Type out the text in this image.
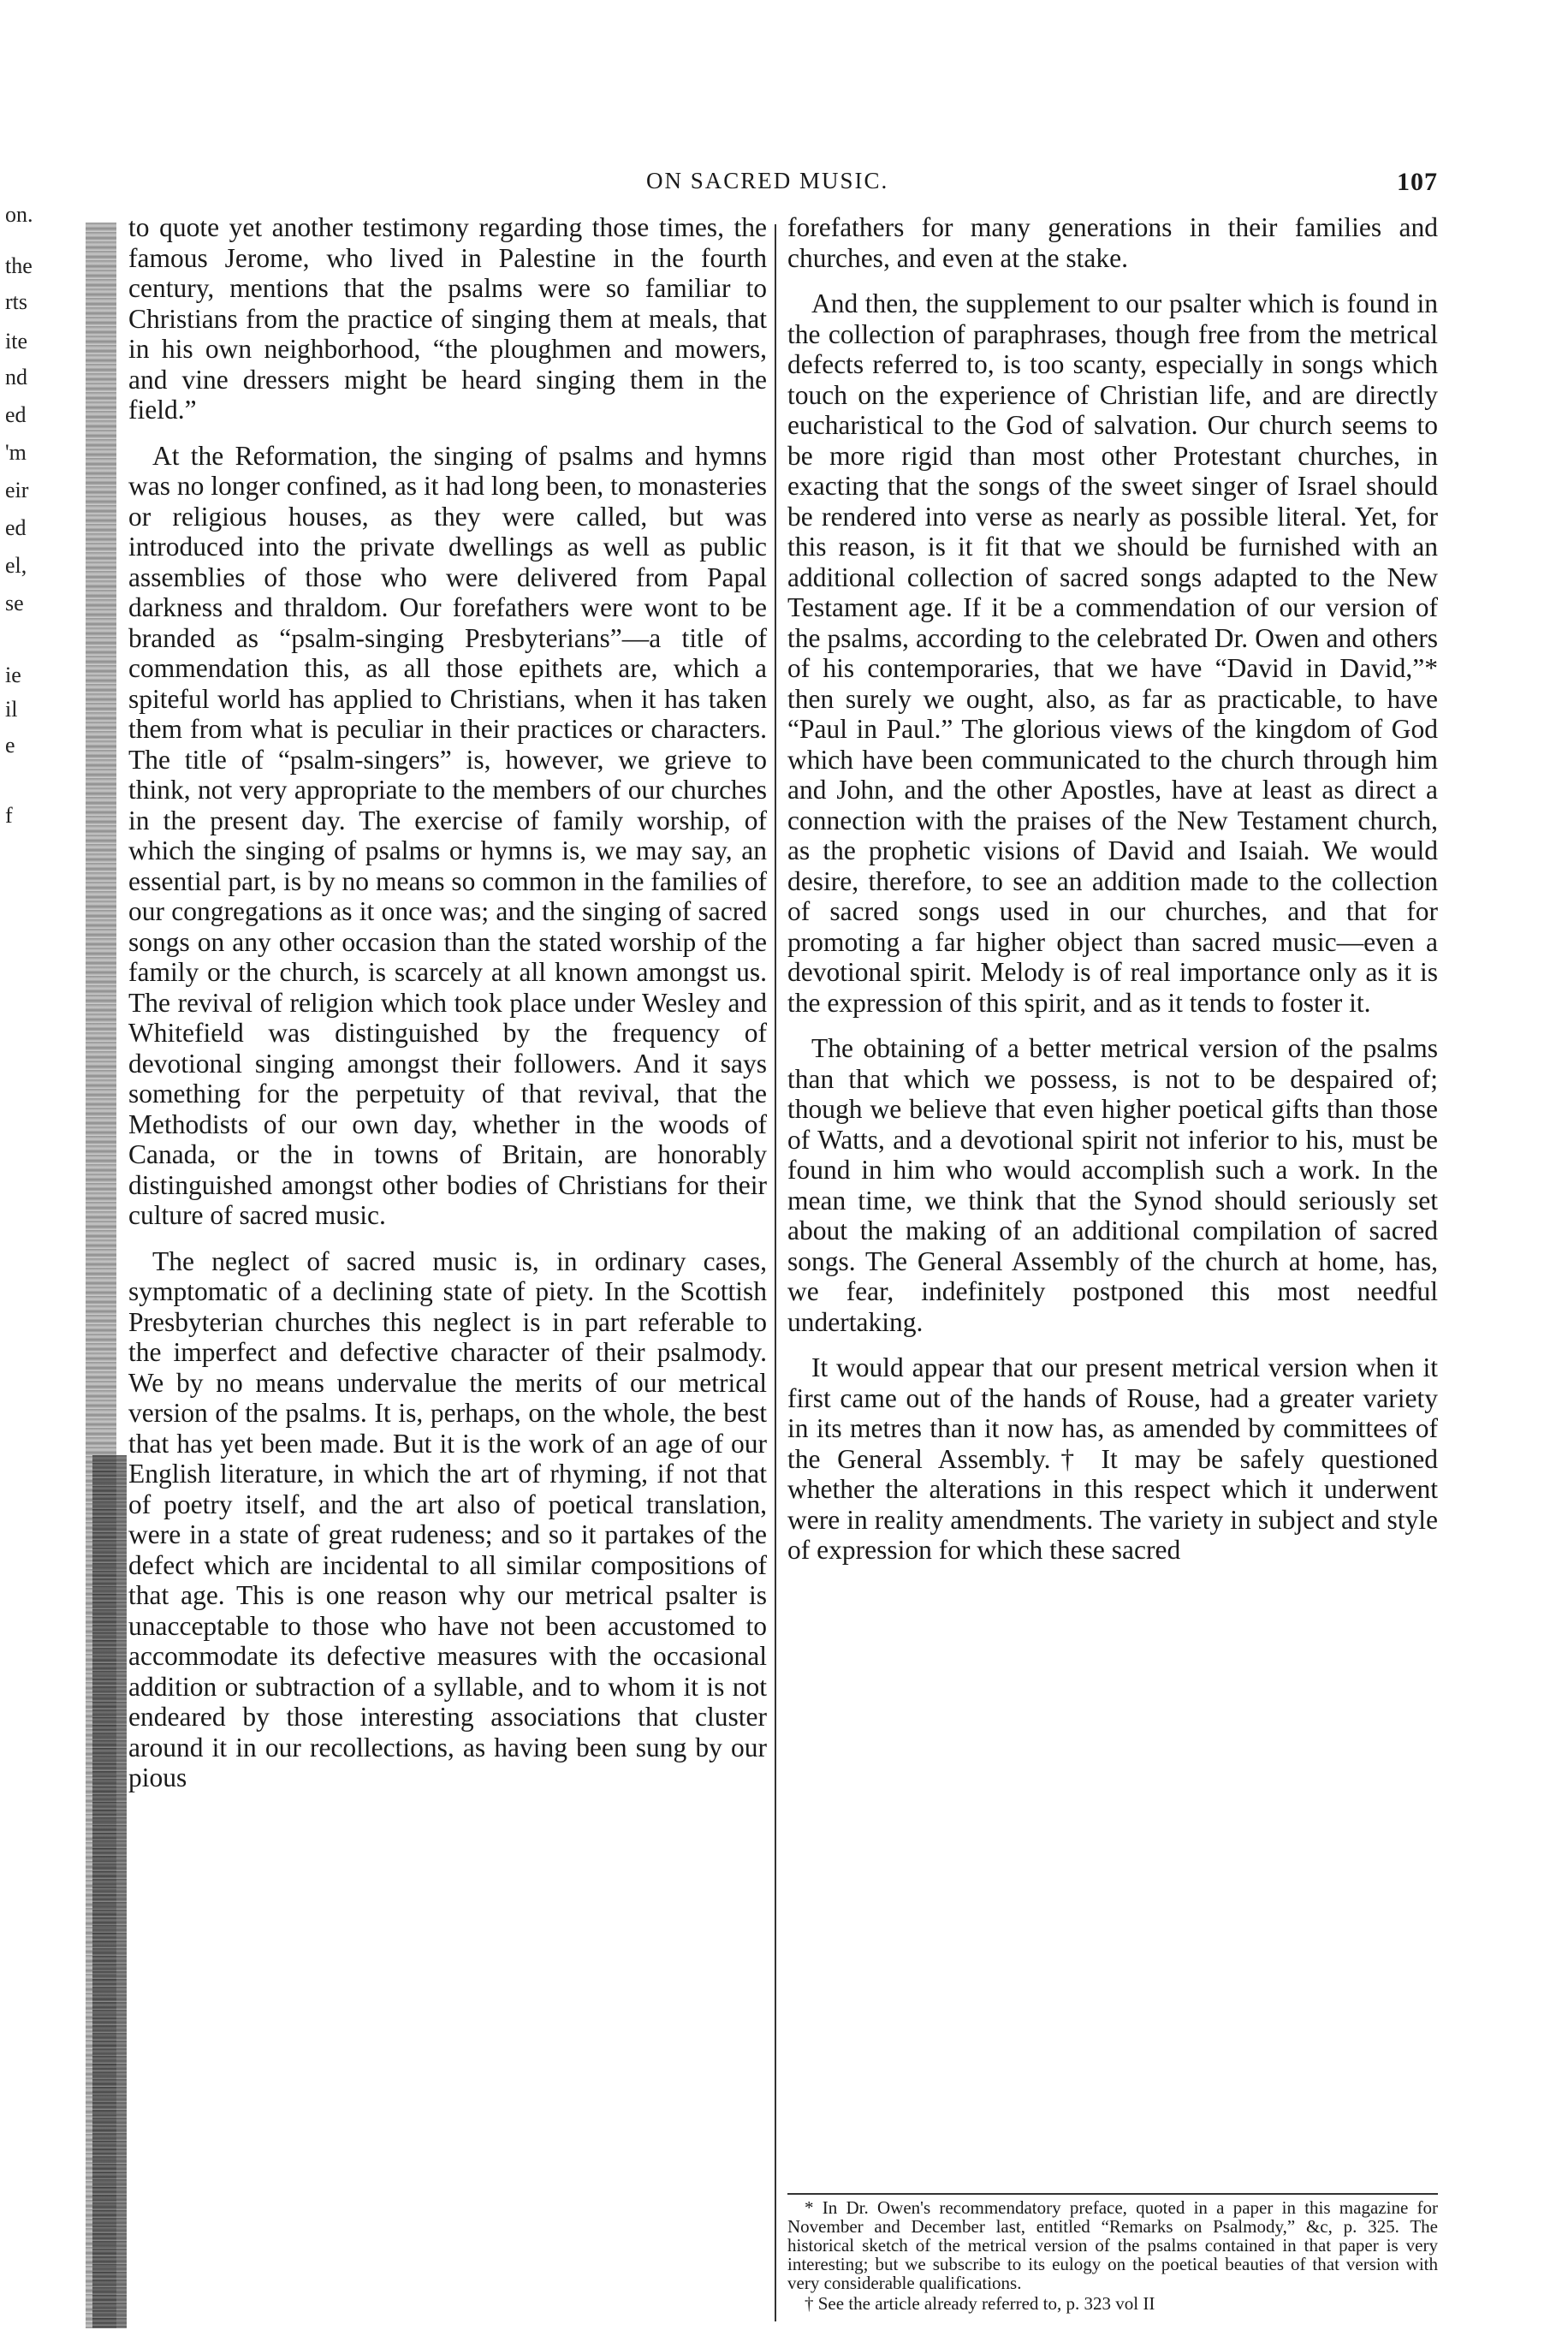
on.
the
rts
ite
nd
ed
'm
eir
ed
el,
se
ie
il
e
f
ON SACRED MUSIC.	107

to quote yet another testimony regarding those times, the famous Jerome, who lived in Palestine in the fourth century, mentions that the psalms were so familiar to Christians from the practice of singing them at meals, that in his own neighborhood, “the ploughmen and mowers, and vine dressers might be heard singing them in the field.”

At the Reformation, the singing of psalms and hymns was no longer confined, as it had long been, to monasteries or religious houses, as they were called, but was introduced into the private dwellings as well as public assemblies of those who were delivered from Papal darkness and thraldom. Our forefathers were wont to be branded as “psalm-singing Presbyterians”—a title of commendation this, as all those epithets are, which a spiteful world has applied to Christians, when it has taken them from what is peculiar in their practices or characters. The title of “psalm-singers” is, however, we grieve to think, not very appropriate to the members of our churches in the present day. The exercise of family worship, of which the singing of psalms or hymns is, we may say, an essential part, is by no means so common in the families of our congregations as it once was; and the singing of sacred songs on any other occasion than the stated worship of the family or the church, is scarcely at all known amongst us. The revival of religion which took place under Wesley and Whitefield was distinguished by the frequency of devotional singing amongst their followers. And it says something for the perpetuity of that revival, that the Methodists of our own day, whether in the woods of Canada, or the in towns of Britain, are honorably distinguished amongst other bodies of Christians for their culture of sacred music.

The neglect of sacred music is, in ordinary cases, symptomatic of a declining state of piety. In the Scottish Presbyterian churches this neglect is in part referable to the imperfect and defective character of their psalmody. We by no means undervalue the merits of our metrical version of the psalms. It is, perhaps, on the whole, the best that has yet been made. But it is the work of an age of our English literature, in which the art of rhyming, if not that of poetry itself, and the art also of poetical translation, were in a state of great rudeness; and so it partakes of the defect which are incidental to all similar compositions of that age. This is one reason why our metrical psalter is unacceptable to those who have not been accustomed to accommodate its defective measures with the occasional addition or subtraction of a syllable, and to whom it is not endeared by those interesting associations that cluster around it in our recollections, as having been sung by our pious

forefathers for many generations in their families and churches, and even at the stake.

And then, the supplement to our psalter which is found in the collection of paraphrases, though free from the metrical defects referred to, is too scanty, especially in songs which touch on the experience of Christian life, and are directly eucharistical to the God of salvation. Our church seems to be more rigid than most other Protestant churches, in exacting that the songs of the sweet singer of Israel should be rendered into verse as nearly as possible literal. Yet, for this reason, is it fit that we should be furnished with an additional collection of sacred songs adapted to the New Testament age. If it be a commendation of our version of the psalms, according to the celebrated Dr. Owen and others of his contemporaries, that we have “David in David,”* then surely we ought, also, as far as practicable, to have “Paul in Paul.” The glorious views of the kingdom of God which have been communicated to the church through him and John, and the other Apostles, have at least as direct a connection with the praises of the New Testament church, as the prophetic visions of David and Isaiah. We would desire, therefore, to see an addition made to the collection of sacred songs used in our churches, and that for promoting a far higher object than sacred music—even a devotional spirit. Melody is of real importance only as it is the expression of this spirit, and as it tends to foster it.

The obtaining of a better metrical version of the psalms than that which we possess, is not to be despaired of; though we believe that even higher poetical gifts than those of Watts, and a devotional spirit not inferior to his, must be found in him who would accomplish such a work. In the mean time, we think that the Synod should seriously set about the making of an additional compilation of sacred songs. The General Assembly of the church at home, has, we fear, indefinitely postponed this most needful undertaking.

It would appear that our present metrical version when it first came out of the hands of Rouse, had a greater variety in its metres than it now has, as amended by committees of the General Assembly.† It may be safely questioned whether the alterations in this respect which it underwent were in reality amendments. The variety in subject and style of expression for which these sacred

* In Dr. Owen's recommendatory preface, quoted in a paper in this magazine for November and December last, entitled “Remarks on Psalmody,” &c, p. 325. The historical sketch of the metrical version of the psalms contained in that paper is very interesting; but we subscribe to its eulogy on the poetical beauties of that version with very considerable qualifications.

† See the article already referred to, p. 323 vol II
